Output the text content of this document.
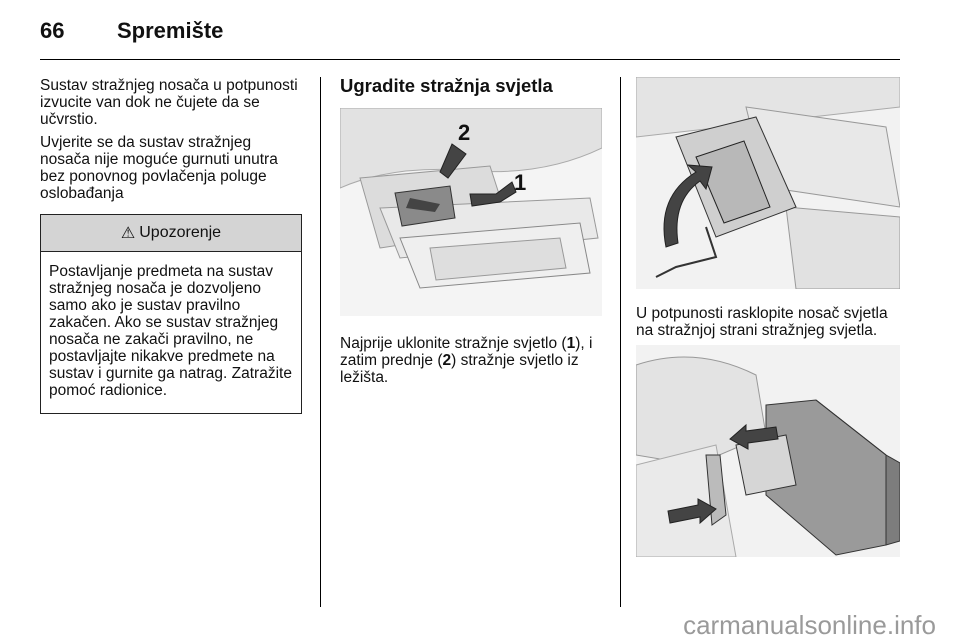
66 Spremište

Sustav stražnjeg nosača u potpunosti izvucite van dok ne čujete da se učvrstio.

Uvjerite se da sustav stražnjeg nosača nije moguće gurnuti unutra bez ponovnog povlačenja poluge oslobađanja

⚠ Upozorenje
Postavljanje predmeta na sustav stražnjeg nosača je dozvoljeno samo ako je sustav pravilno zakačen. Ako se sustav stražnjeg nosača ne zakači pravilno, ne postavljajte nikakve predmete na sustav i gurnite ga natrag. Zatražite pomoć radionice.
Ugradite stražnja svjetla
2
1
Najprije uklonite stražnje svjetlo (1), i zatim prednje (2) stražnje svjetlo iz ležišta.
U potpunosti rasklopite nosač svjetla na stražnjoj strani stražnjeg svjetla.
carmanualsonline.info
